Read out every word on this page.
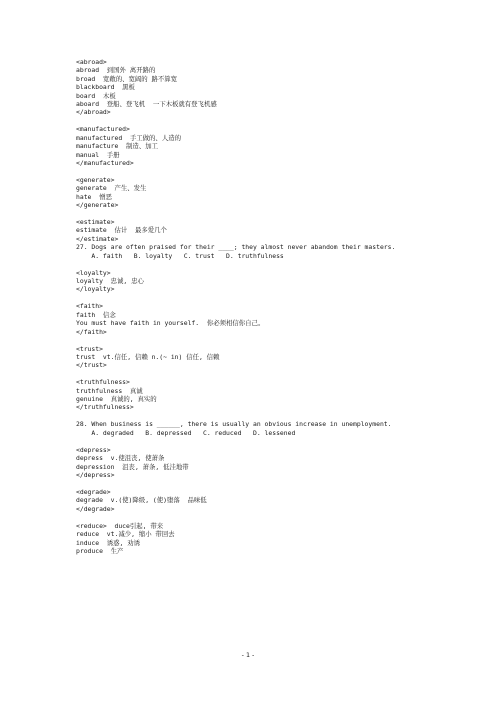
<abroad>
abroad  到国外 离开路的
broad  宽敞的、宽阔的 路不算宽
blackboard  黑板
board  木板
aboard  登船、登飞机  一下木板就有登飞机感
</abroad>
<manufactured>
manufactured  手工做的、人造的
manufacture  制造、加工
manual  手册
</manufactured>
<generate>
generate  产生、发生
hate  憎恶
</generate>
<estimate>
estimate  估计  最多爱几个
</estimate>
27. Dogs are often praised for their ____; they almost never abandom their masters.
A. faith   B. loyalty   C. trust   D. truthfulness
<loyalty>
loyalty  忠诚, 忠心
</loyalty>
<faith>
faith  信念
You must have faith in yourself.  你必须相信你自己。
</faith>
<trust>
trust  vt.信任, 信赖 n.(~ in) 信任, 信赖
</trust>
<truthfulness>
truthfulness  真诚
genuine  真诚的, 真实的
</truthfulness>
28. When business is ______, there is usually an obvious increase in unemployment.
A. degraded   B. depressed   C. reduced   D. lessened
<depress>
depress  v.使沮丧, 使萧条
depression  沮丧, 萧条, 低洼地带
</depress>
<degrade>
degrade  v.(使)降级, (使)堕落  品味低
</degrade>
<reduce>  duce引起, 带来
reduce  vt.减少, 缩小 带回去
induce  诱惑, 劝诱
produce  生产
- 1 -
